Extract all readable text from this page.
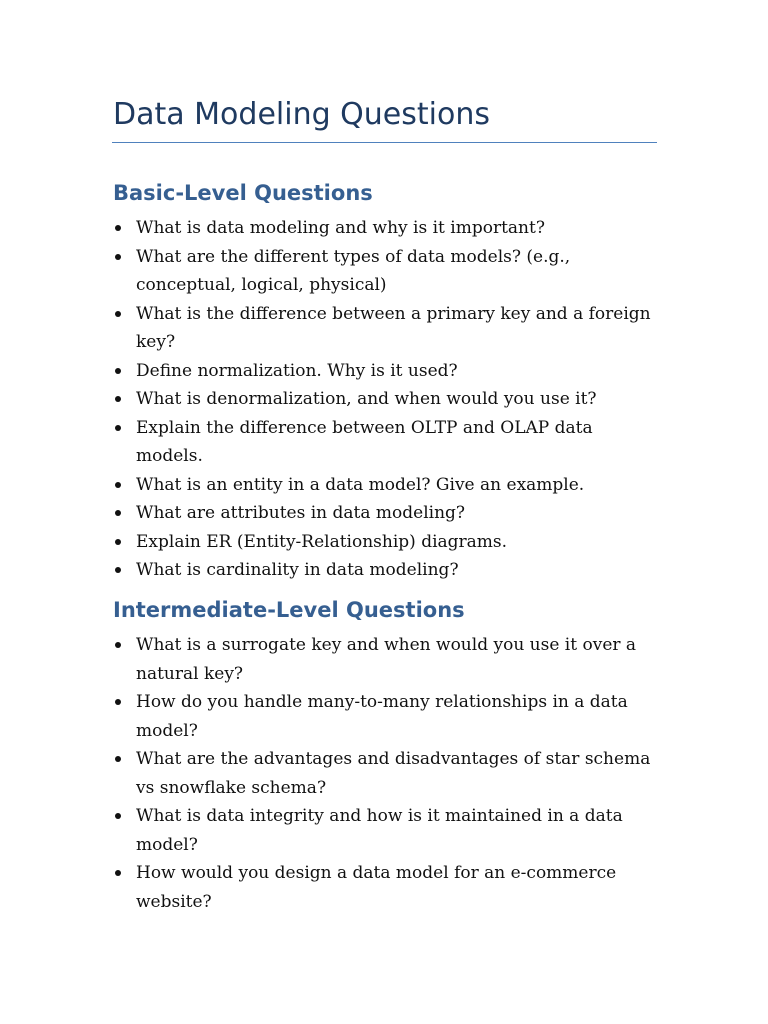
Data Modeling Questions
Basic-Level Questions
What is data modeling and why is it important?
What are the different types of data models? (e.g., conceptual, logical, physical)
What is the difference between a primary key and a foreign key?
Define normalization. Why is it used?
What is denormalization, and when would you use it?
Explain the difference between OLTP and OLAP data models.
What is an entity in a data model? Give an example.
What are attributes in data modeling?
Explain ER (Entity-Relationship) diagrams.
What is cardinality in data modeling?
Intermediate-Level Questions
What is a surrogate key and when would you use it over a natural key?
How do you handle many-to-many relationships in a data model?
What are the advantages and disadvantages of star schema vs snowflake schema?
What is data integrity and how is it maintained in a data model?
How would you design a data model for an e-commerce website?
